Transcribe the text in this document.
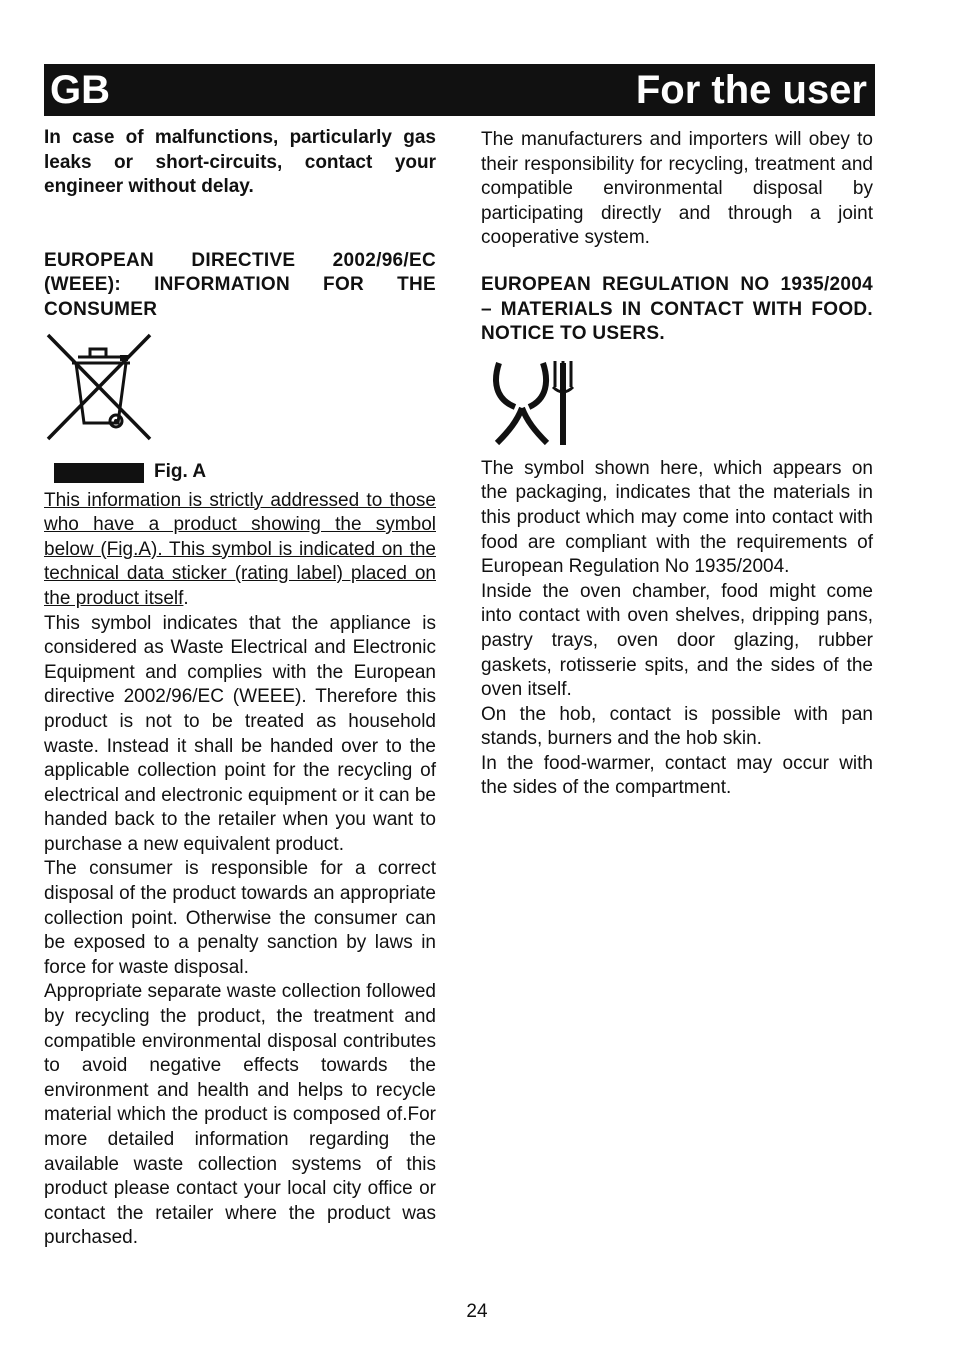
GB	For the user

In case of malfunctions, particularly gas leaks or short-circuits, contact your engineer without delay.

EUROPEAN DIRECTIVE 2002/96/EC (WEEE): INFORMATION FOR THE CONSUMER

Fig. A

This information is strictly addressed to those who have a product showing the symbol below (Fig.A). This symbol is indicated on the technical data sticker (rating label) placed on the product itself.

This symbol indicates that the appliance is considered as Waste Electrical and Electronic Equipment and complies with the European directive 2002/96/EC (WEEE). Therefore this product is not to be treated as household waste. Instead it shall be handed over to the applicable collection point for the recycling of electrical and electronic equipment or it can be handed back to the retailer when you want to purchase a new equivalent product.

The consumer is responsible for a correct disposal of the product towards an appropriate collection point. Otherwise the consumer can be exposed to a penalty sanction by laws in force for waste disposal.

Appropriate separate waste collection followed by recycling the product, the treatment and compatible environmental disposal contributes to avoid negative effects towards the environment and health and helps to recycle material which the product is composed of.For more detailed information regarding the available waste collection systems of this product please contact your local city office or contact the retailer where the product was purchased.

The manufacturers and importers will obey to their responsibility for recycling, treatment and compatible environmental disposal by participating directly and through a joint cooperative system.

EUROPEAN REGULATION NO 1935/2004 – MATERIALS IN CONTACT WITH FOOD. NOTICE TO USERS.

The symbol shown here, which appears on the packaging, indicates that the materials in this product which may come into contact with food are compliant with the requirements of European Regulation No 1935/2004.

Inside the oven chamber, food might come into contact with oven shelves, dripping pans, pastry trays, oven door glazing, rubber gaskets, rotisserie spits, and the sides of the oven itself.

On the hob, contact is possible with pan stands, burners and the hob skin.

In the food-warmer, contact may occur with the sides of the compartment.

24
